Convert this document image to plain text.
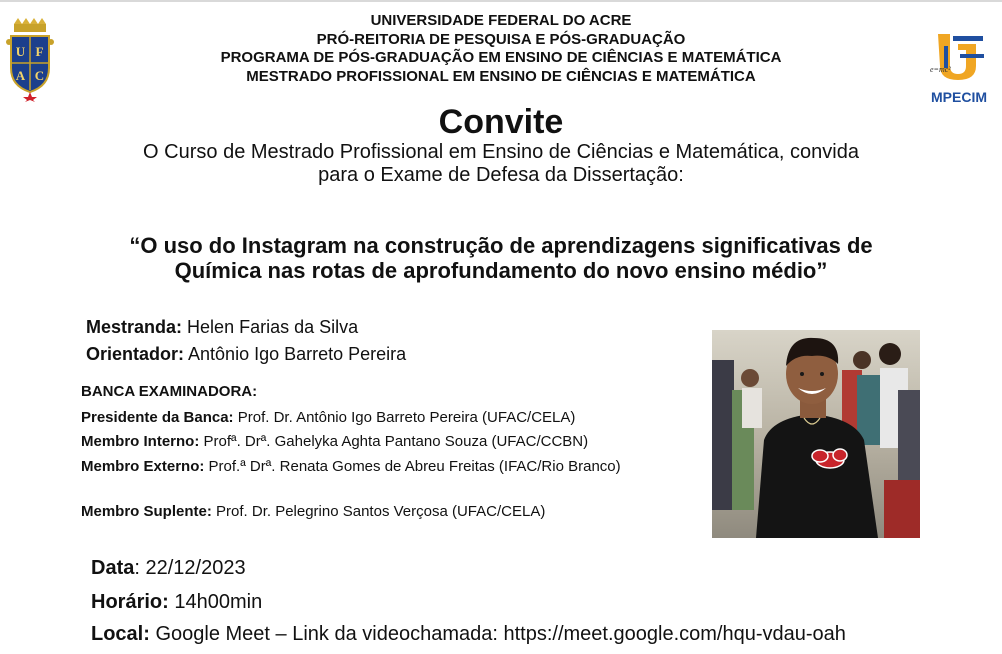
U F
A C
UNIVERSIDADE FEDERAL DO ACRE
PRÓ-REITORIA DE PESQUISA E PÓS-GRADUAÇÃO
PROGRAMA DE PÓS-GRADUAÇÃO EM ENSINO DE CIÊNCIAS E MATEMÁTICA
MESTRADO PROFISSIONAL EM ENSINO DE CIÊNCIAS E MATEMÁTICA	e=mc²
MPECIM
Convite
O Curso de Mestrado Profissional em Ensino de Ciências e Matemática, convida
para o Exame de Defesa da Dissertação:
“O uso do Instagram na construção de aprendizagens significativas de
Química nas rotas de aprofundamento do novo ensino médio”
Mestranda: Helen Farias da Silva
Orientador: Antônio Igo Barreto Pereira
BANCA EXAMINADORA:
Presidente da Banca: Prof. Dr. Antônio Igo Barreto Pereira (UFAC/CELA)
Membro Interno: Profª. Drª. Gahelyka Aghta Pantano Souza (UFAC/CCBN)
Membro Externo: Prof.ª Drª. Renata Gomes de Abreu Freitas (IFAC/Rio Branco)
Membro Suplente: Prof. Dr. Pelegrino Santos Verçosa (UFAC/CELA)
Data: 22/12/2023
Horário: 14h00min
Local: Google Meet – Link da videochamada: https://meet.google.com/hqu-vdau-oah
